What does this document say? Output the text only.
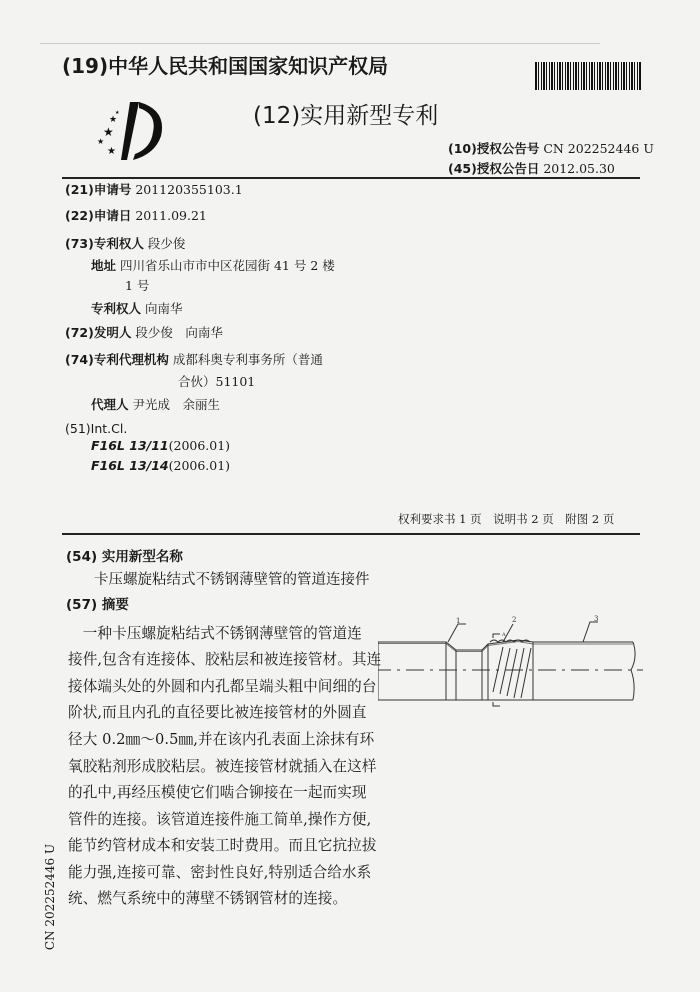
(19)中华人民共和国国家知识产权局
★
★
★
★
★	(12)实用新型专利
(10)授权公告号 CN 202252446 U
(45)授权公告日 2012.05.30
(21)申请号 201120355103.1
(22)申请日 2011.09.21
(73)专利权人 段少俊
地址 四川省乐山市市中区花园街 41 号 2 楼
1 号
专利权人 向南华
(72)发明人 段少俊　向南华
(74)专利代理机构 成都科奥专利事务所（普通
合伙）51101
代理人 尹光成　余丽生
(51)Int.Cl.
F16L 13/11(2006.01)
F16L 13/14(2006.01)
权利要求书 1 页　说明书 2 页　附图 2 页
(54) 实用新型名称
卡压螺旋粘结式不锈钢薄壁管的管道连接件
(57) 摘要
　一种卡压螺旋粘结式不锈钢薄壁管的管道连
接件,包含有连接体、胶粘层和被连接管材。其连
接体端头处的外圆和内孔都呈端头粗中间细的台
阶状,而且内孔的直径要比被连接管材的外圆直
径大 0.2㎜～0.5㎜,并在该内孔表面上涂抹有环
氧胶粘剂形成胶粘层。被连接管材就插入在这样
的孔中,再经压模使它们啮合铆接在一起而实现
管件的连接。该管道连接件施工简单,操作方便,
能节约管材成本和安装工时费用。而且它抗拉拔
能力强,连接可靠、密封性良好,特别适合给水系
统、燃气系统中的薄壁不锈钢管材的连接。
1	2	3
A
CN 202252446 U
